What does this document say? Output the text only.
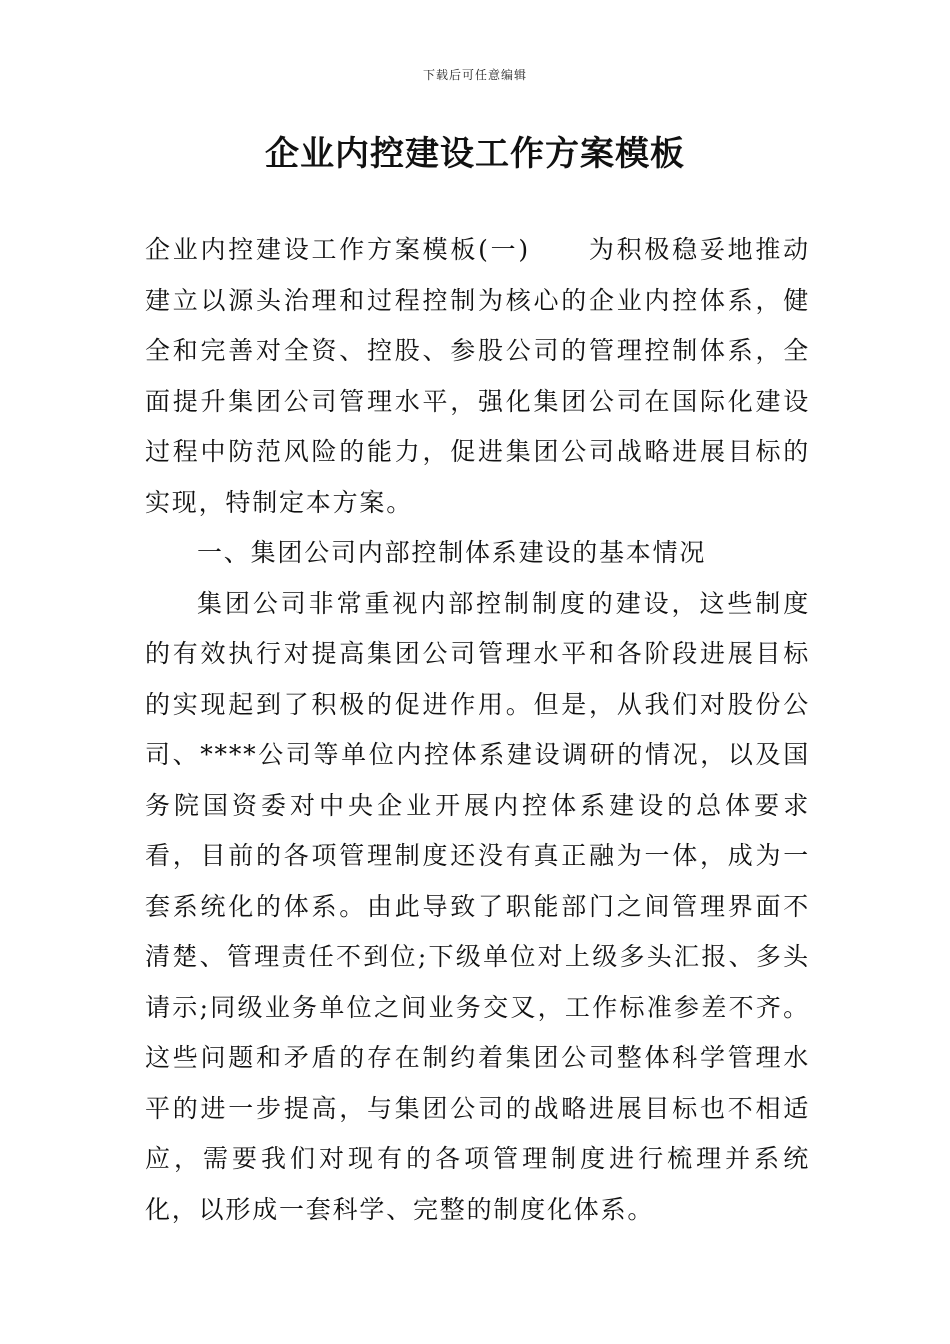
下载后可任意编辑
企业内控建设工作方案模板

企业内控建设工作方案模板(一) 为积极稳妥地推动建立以源头治理和过程控制为核心的企业内控体系，健全和完善对全资、控股、参股公司的管理控制体系，全面提升集团公司管理水平，强化集团公司在国际化建设过程中防范风险的能力，促进集团公司战略进展目标的实现，特制定本方案。

一、集团公司内部控制体系建设的基本情况

集团公司非常重视内部控制制度的建设，这些制度的有效执行对提高集团公司管理水平和各阶段进展目标的实现起到了积极的促进作用。但是，从我们对股份公司、****公司等单位内控体系建设调研的情况，以及国务院国资委对中央企业开展内控体系建设的总体要求看，目前的各项管理制度还没有真正融为一体，成为一套系统化的体系。由此导致了职能部门之间管理界面不清楚、管理责任不到位;下级单位对上级多头汇报、多头请示;同级业务单位之间业务交叉，工作标准参差不齐。这些问题和矛盾的存在制约着集团公司整体科学管理水平的进一步提高，与集团公司的战略进展目标也不相适应，需要我们对现有的各项管理制度进行梳理并系统化，以形成一套科学、完整的制度化体系。
